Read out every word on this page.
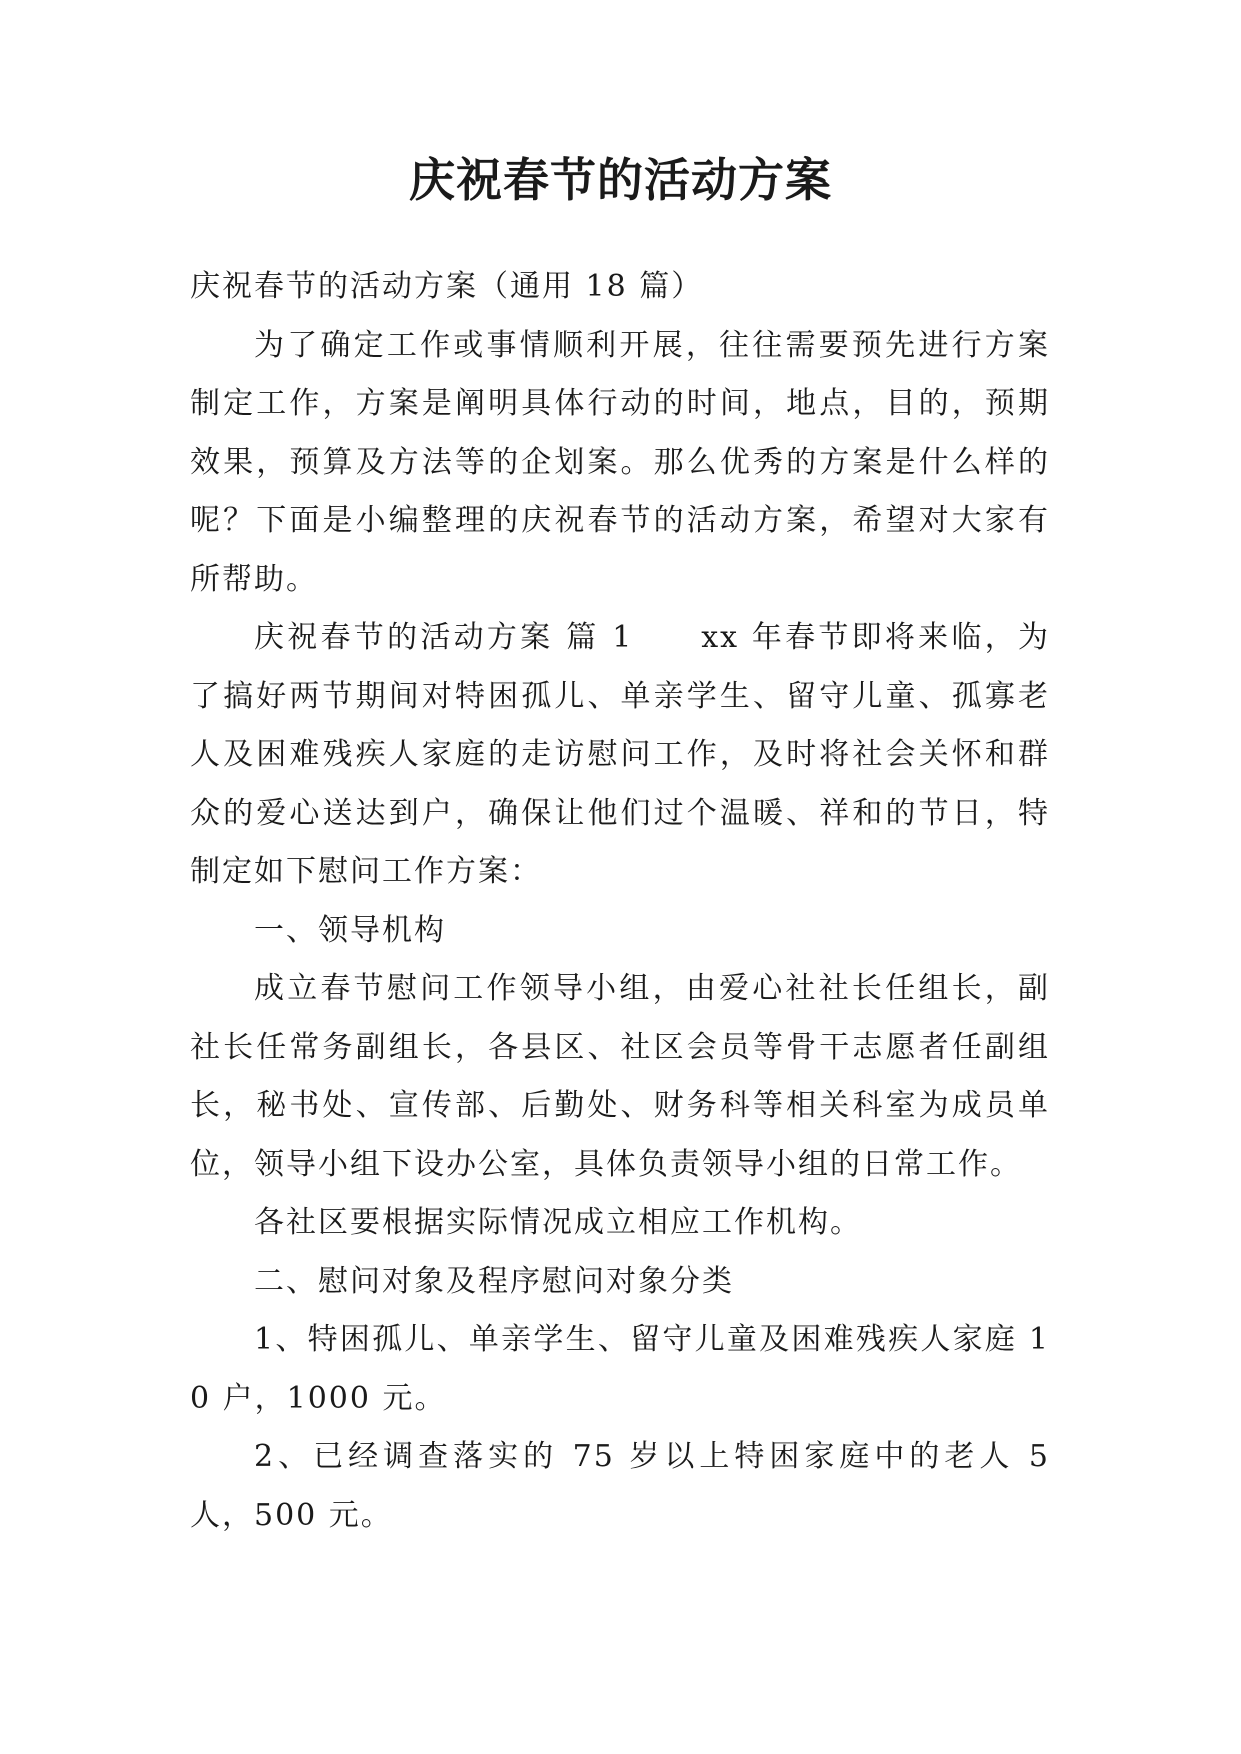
庆祝春节的活动方案

庆祝春节的活动方案（通用 18 篇）

为了确定工作或事情顺利开展，往往需要预先进行方案制定工作，方案是阐明具体行动的时间，地点，目的，预期效果，预算及方法等的企划案。那么优秀的方案是什么样的呢？下面是小编整理的庆祝春节的活动方案，希望对大家有所帮助。

庆祝春节的活动方案 篇 1　　xx 年春节即将来临，为了搞好两节期间对特困孤儿、单亲学生、留守儿童、孤寡老人及困难残疾人家庭的走访慰问工作，及时将社会关怀和群众的爱心送达到户，确保让他们过个温暖、祥和的节日，特制定如下慰问工作方案：

一、领导机构

成立春节慰问工作领导小组，由爱心社社长任组长，副社长任常务副组长，各县区、社区会员等骨干志愿者任副组长，秘书处、宣传部、后勤处、财务科等相关科室为成员单位，领导小组下设办公室，具体负责领导小组的日常工作。

各社区要根据实际情况成立相应工作机构。

二、慰问对象及程序慰问对象分类

1、特困孤儿、单亲学生、留守儿童及困难残疾人家庭 10 户，1000 元。

2、已经调查落实的 75 岁以上特困家庭中的老人 5 人，500 元。
